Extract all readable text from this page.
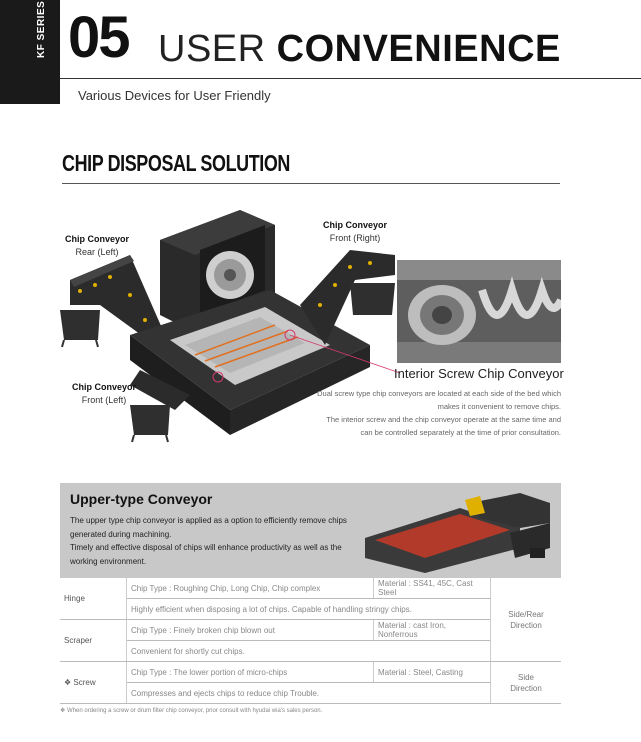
KF SERIES 05 USER CONVENIENCE
Various Devices for User Friendly
CHIP DISPOSAL SOLUTION
Chip Conveyor
Rear (Left)
Chip Conveyor
Front (Right)
Chip Conveyor
Front (Left)
Interior Screw Chip Conveyor
Dual screw type chip conveyors are located at each side of the bed which
makes it convenient to remove chips.
The interior screw and the chip conveyor operate at the same time and
can be controlled separately at the time of prior consultation.
Upper-type Conveyor

The upper type chip conveyor is applied as a option to efficiently remove chips
generated during machining.
Timely and effective disposal of chips will enhance productivity as well as the
working environment.

Hinge	Chip Type : Roughing Chip, Long Chip, Chip complex	Material : SS41, 45C, Cast Steel	Side/Rear
Direction
	Highly efficient when disposing a lot of chips. Capable of handling stringy chips.		
Scraper	Chip Type : Finely broken chip blown out	Material : cast Iron, Nonferrous	
	Convenient for shortly cut chips.		
❖ Screw	Chip Type : The lower portion of micro-chips	Material : Steel, Casting	Side
Direction
	Compresses and ejects chips to reduce chip Trouble.		
❖ When ordering a screw or drum filter chip conveyor, prior consult with hyudai wia's sales person.
